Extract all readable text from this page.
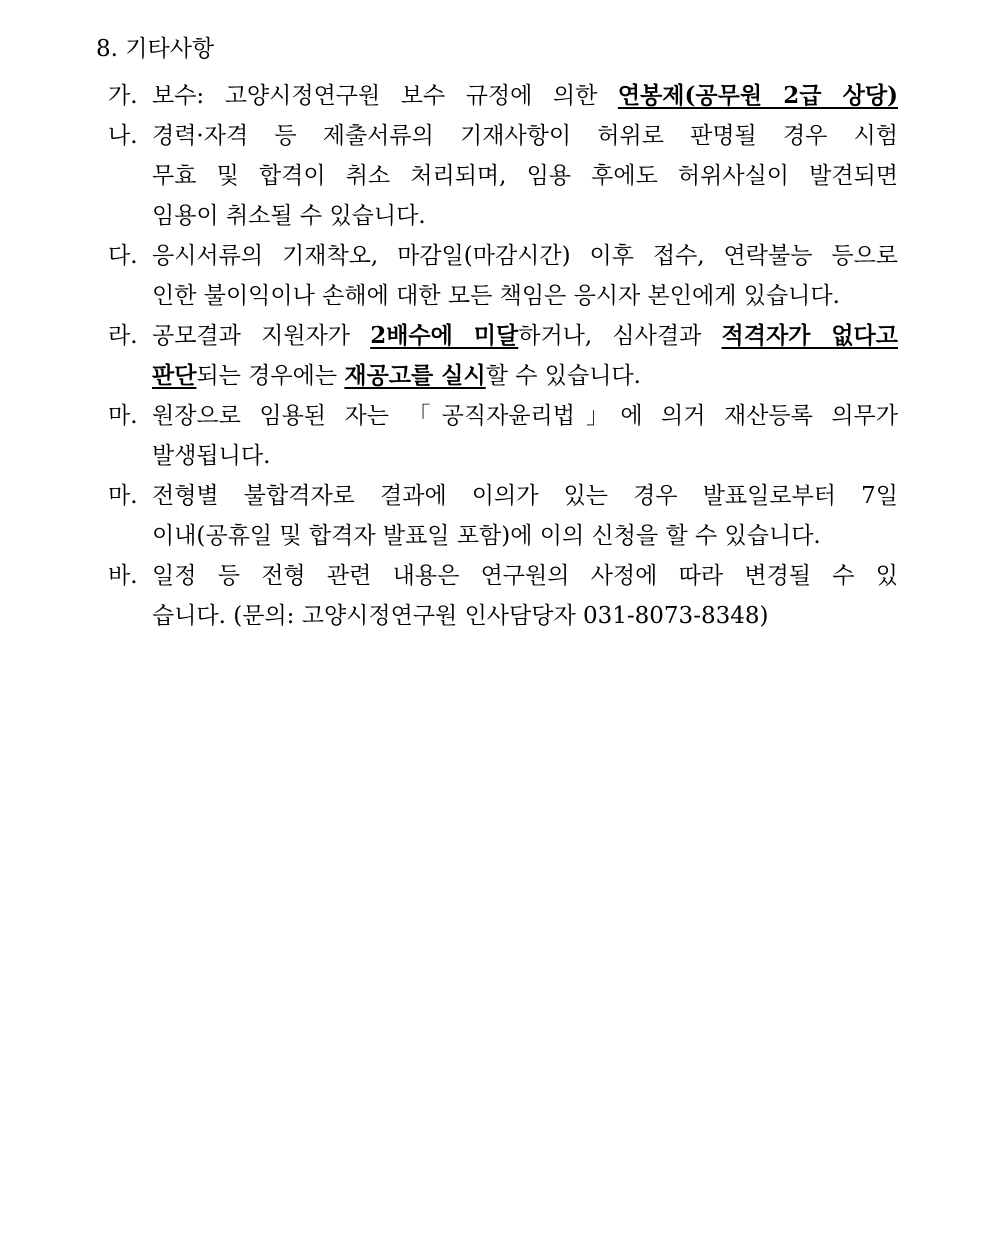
8. 기타사항
가. 보수: 고양시정연구원 보수 규정에 의한 연봉제(공무원 2급 상당)
나. 경력·자격 등 제출서류의 기재사항이 허위로 판명될 경우 시험
무효 및 합격이 취소 처리되며, 임용 후에도 허위사실이 발견되면
임용이 취소될 수 있습니다.
다. 응시서류의 기재착오, 마감일(마감시간) 이후 접수, 연락불능 등으로
인한 불이익이나 손해에 대한 모든 책임은 응시자 본인에게 있습니다.
라. 공모결과 지원자가 2배수에 미달하거나, 심사결과 적격자가 없다고
판단되는 경우에는 재공고를 실시할 수 있습니다.
마. 원장으로 임용된 자는 「공직자윤리법」에 의거 재산등록 의무가
발생됩니다.
마. 전형별 불합격자로 결과에 이의가 있는 경우 발표일로부터 7일
이내(공휴일 및 합격자 발표일 포함)에 이의 신청을 할 수 있습니다.
바. 일정 등 전형 관련 내용은 연구원의 사정에 따라 변경될 수 있
습니다. (문의: 고양시정연구원 인사담당자 031-8073-8348)
